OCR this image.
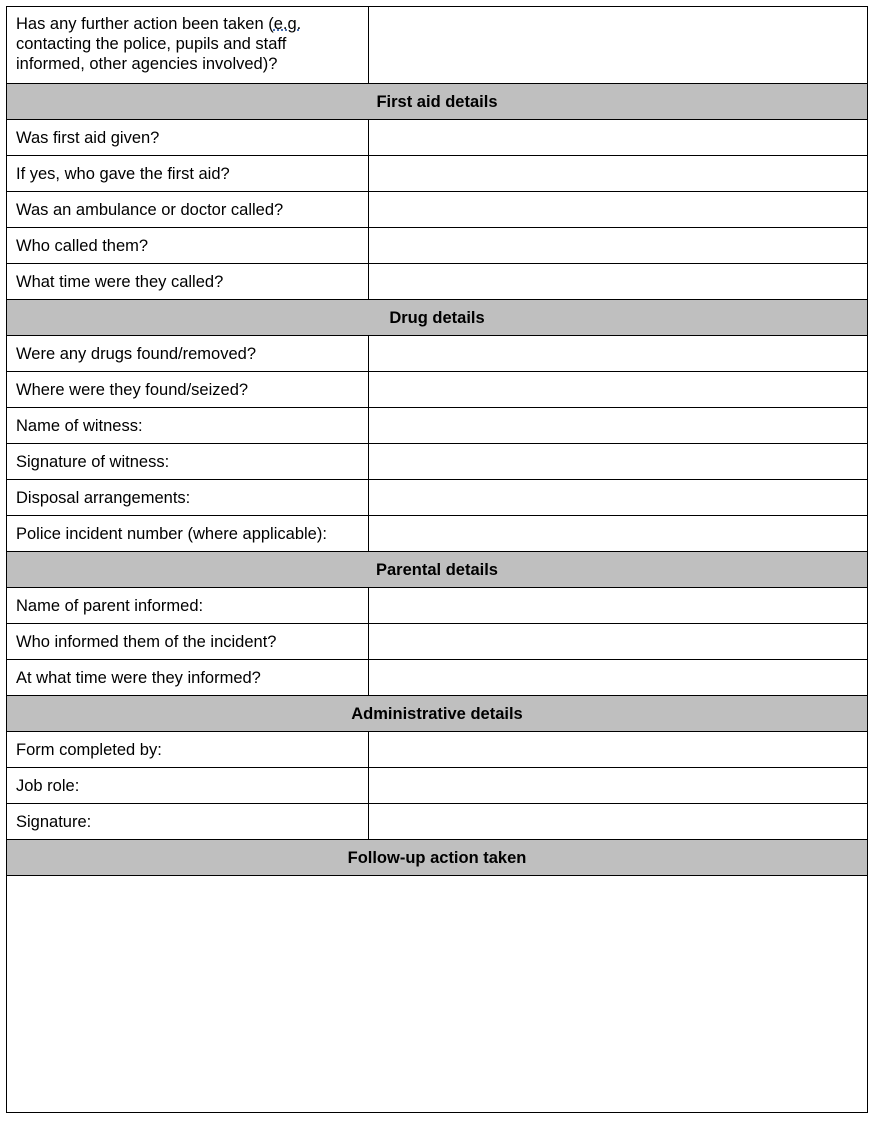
Has any further action been taken (e.g. contacting the police, pupils and staff informed, other agencies involved)?	

First aid details	
Was first aid given?	

If yes, who gave the first aid?	

Was an ambulance or doctor called?	

Who called them?	

What time were they called?	

Drug details	
Were any drugs found/removed?	

Where were they found/seized?	

Name of witness:	

Signature of witness:	

Disposal arrangements:	

Police incident number (where applicable):	

Parental details	
Name of parent informed:	

Who informed them of the incident?	

At what time were they informed?	

Administrative details	
Form completed by:	

Job role:	

Signature:	

Follow-up action taken	
